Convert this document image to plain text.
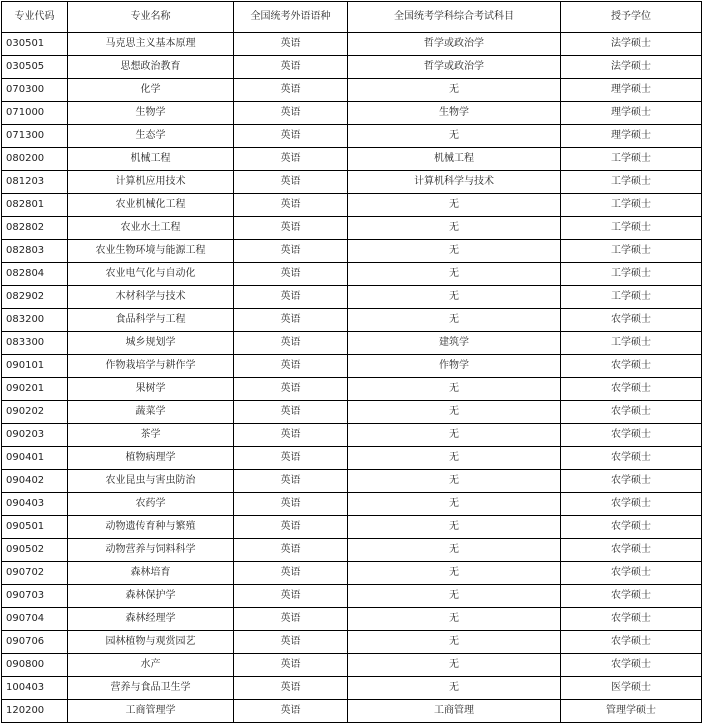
专业代码	专业名称	全国统考外语语种	全国统考学科综合考试科目	授予学位
030501	马克思主义基本原理	英语	哲学或政治学	法学硕士
030505	思想政治教育	英语	哲学或政治学	法学硕士
070300	化学	英语	无	理学硕士
071000	生物学	英语	生物学	理学硕士
071300	生态学	英语	无	理学硕士
080200	机械工程	英语	机械工程	工学硕士
081203	计算机应用技术	英语	计算机科学与技术	工学硕士
082801	农业机械化工程	英语	无	工学硕士
082802	农业水土工程	英语	无	工学硕士
082803	农业生物环境与能源工程	英语	无	工学硕士
082804	农业电气化与自动化	英语	无	工学硕士
082902	木材科学与技术	英语	无	工学硕士
083200	食品科学与工程	英语	无	农学硕士
083300	城乡规划学	英语	建筑学	工学硕士
090101	作物栽培学与耕作学	英语	作物学	农学硕士
090201	果树学	英语	无	农学硕士
090202	蔬菜学	英语	无	农学硕士
090203	茶学	英语	无	农学硕士
090401	植物病理学	英语	无	农学硕士
090402	农业昆虫与害虫防治	英语	无	农学硕士
090403	农药学	英语	无	农学硕士
090501	动物遗传育种与繁殖	英语	无	农学硕士
090502	动物营养与饲料科学	英语	无	农学硕士
090702	森林培育	英语	无	农学硕士
090703	森林保护学	英语	无	农学硕士
090704	森林经理学	英语	无	农学硕士
090706	园林植物与观赏园艺	英语	无	农学硕士
090800	水产	英语	无	农学硕士
100403	营养与食品卫生学	英语	无	医学硕士
120200	工商管理学	英语	工商管理	管理学硕士
